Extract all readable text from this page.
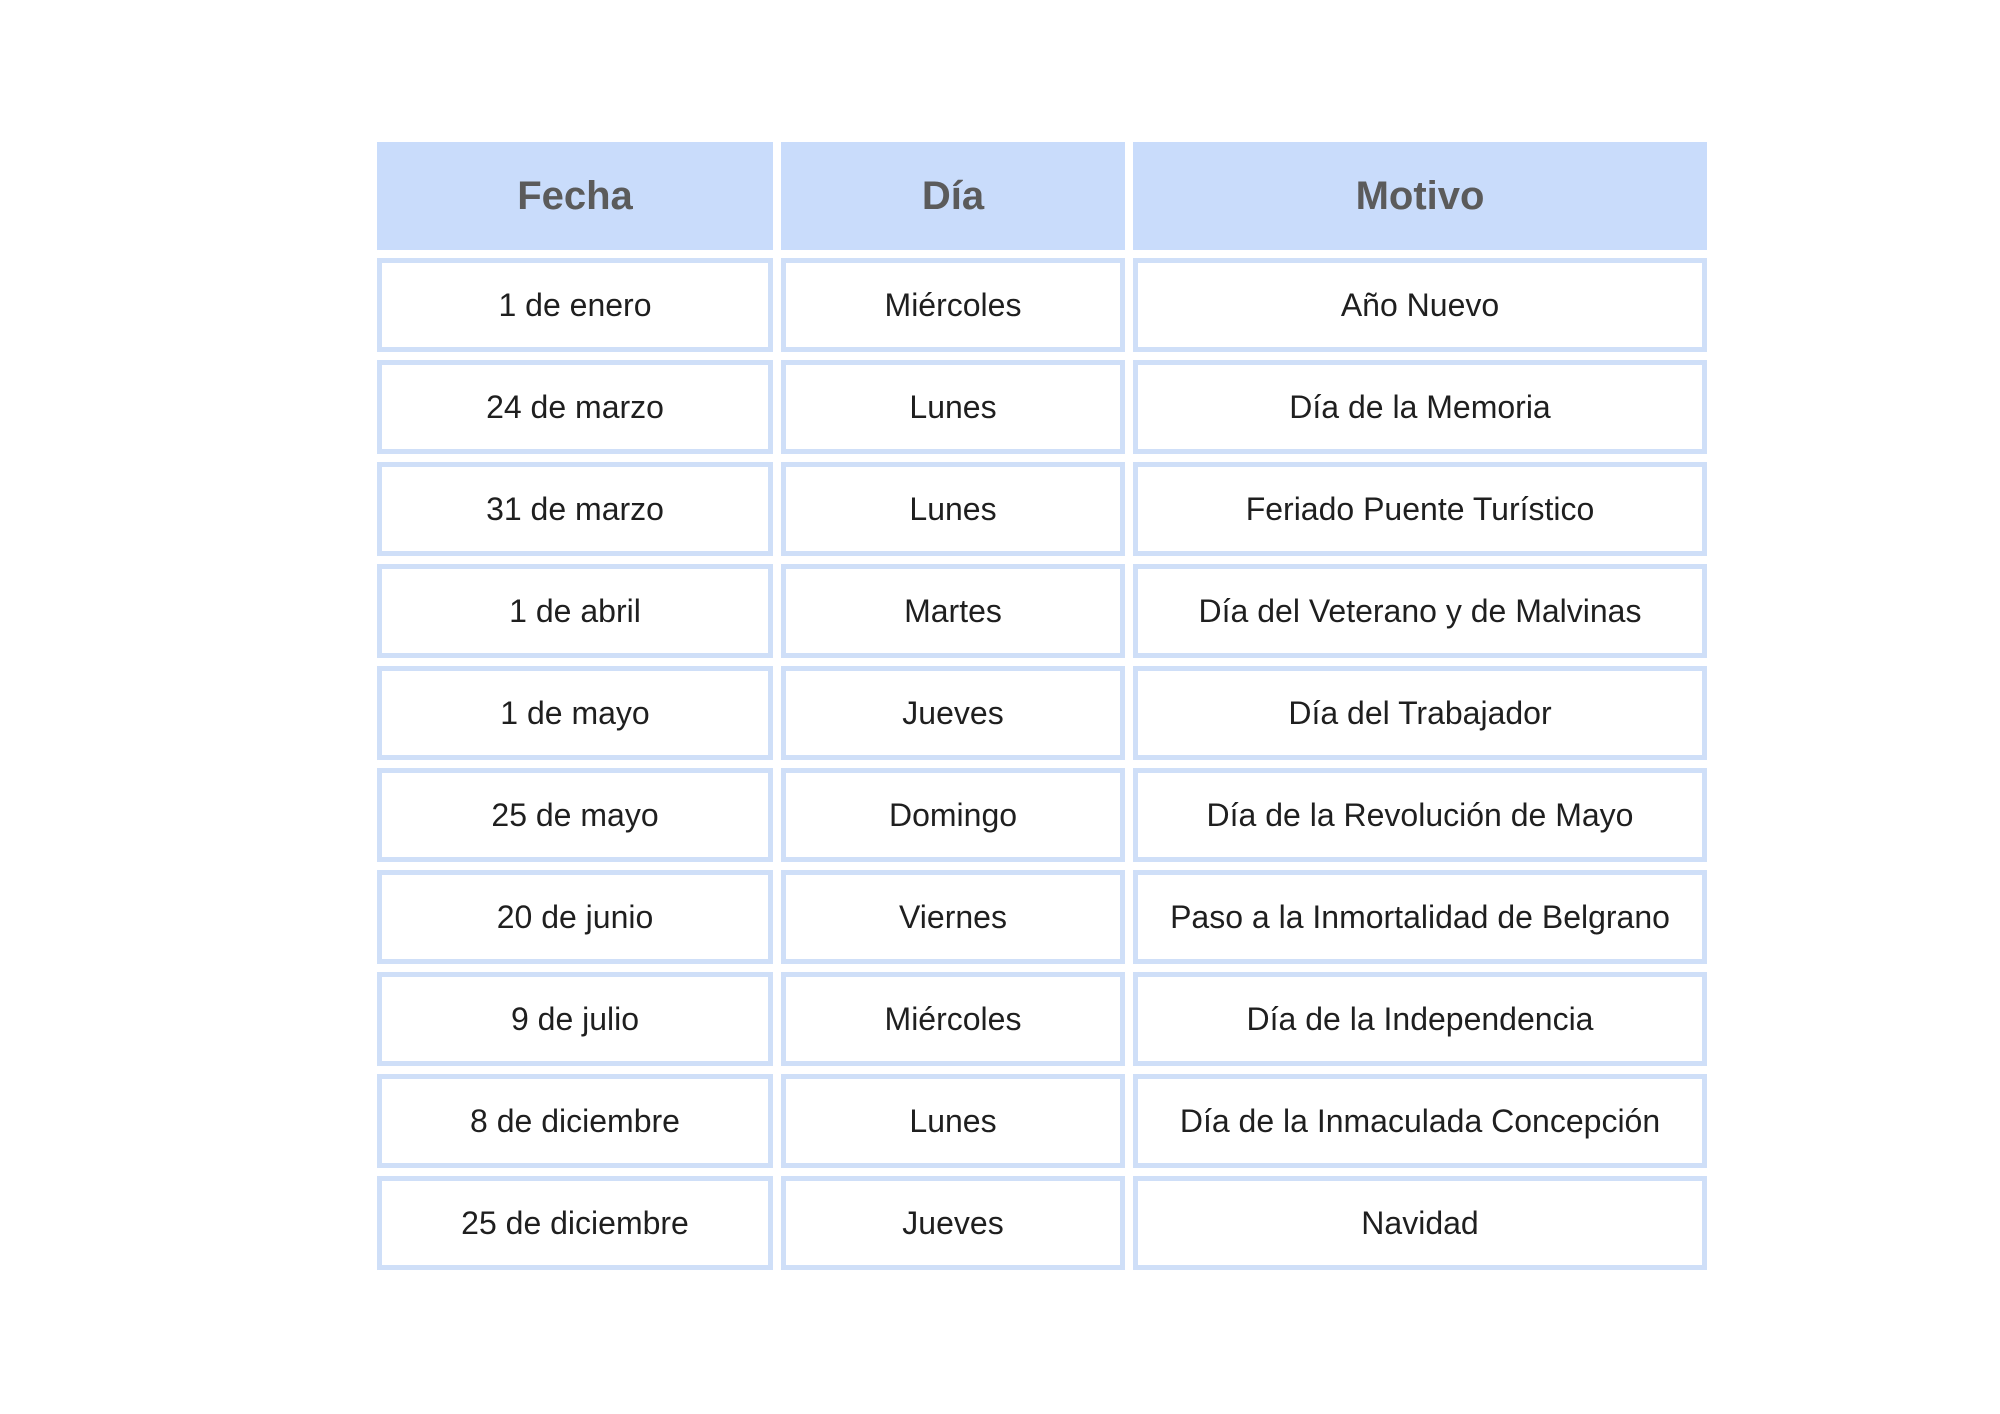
Fecha	Día	Motivo
1 de enero	Miércoles	Año Nuevo
24 de marzo	Lunes	Día de la Memoria
31 de marzo	Lunes	Feriado Puente Turístico
1 de abril	Martes	Día del Veterano y de Malvinas
1 de mayo	Jueves	Día del Trabajador
25 de mayo	Domingo	Día de la Revolución de Mayo
20 de junio	Viernes	Paso a la Inmortalidad de Belgrano
9 de julio	Miércoles	Día de la Independencia
8 de diciembre	Lunes	Día de la Inmaculada Concepción
25 de diciembre	Jueves	Navidad
